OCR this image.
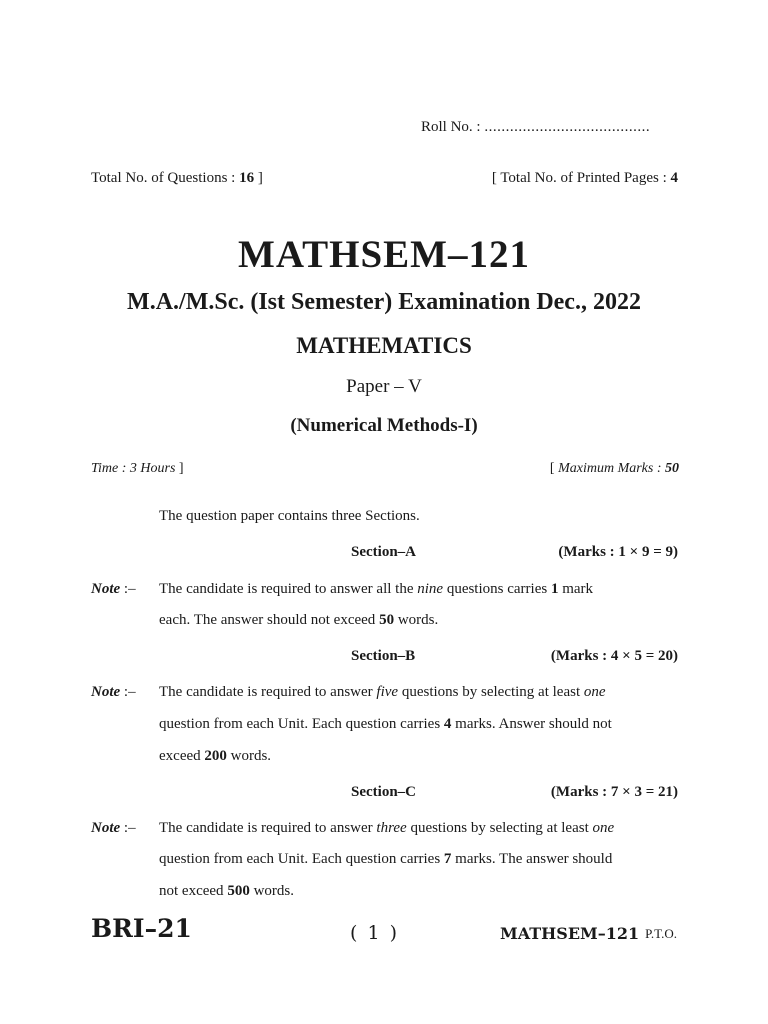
Roll No. : .......................................
Total No. of Questions : 16 ]	[ Total No. of Printed Pages : 4
MATHSEM–121
M.A./M.Sc. (Ist Semester) Examination Dec., 2022
MATHEMATICS
Paper – V
(Numerical Methods-I)
Time : 3 Hours ]	[ Maximum Marks : 50
The question paper contains three Sections.
Section–A	(Marks : 1 × 9 = 9)
Note :– The candidate is required to answer all the nine questions carries 1 mark
each. The answer should not exceed 50 words.
Section–B	(Marks : 4 × 5 = 20)
Note :– The candidate is required to answer five questions by selecting at least one
question from each Unit. Each question carries 4 marks. Answer should not
exceed 200 words.
Section–C	(Marks : 7 × 3 = 21)
Note :– The candidate is required to answer three questions by selecting at least one
question from each Unit. Each question carries 7 marks. The answer should
not exceed 500 words.
BRI–21	( 1 )	MATHSEM–121 P.T.O.
